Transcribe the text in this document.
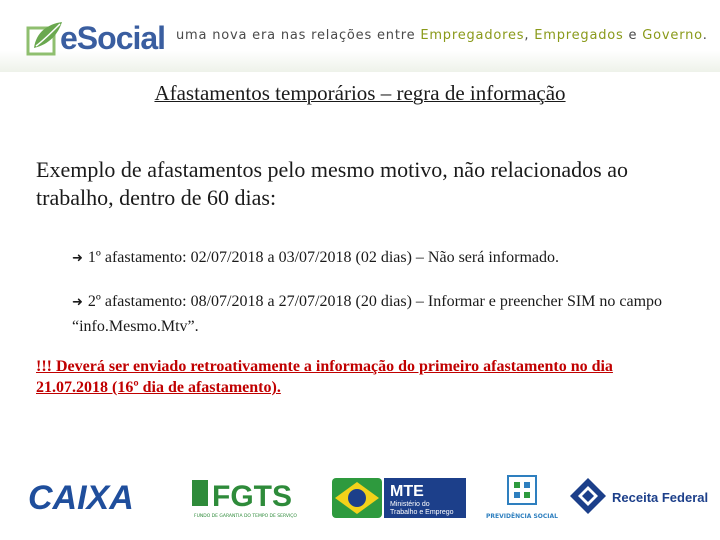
eSocial uma nova era nas relações entre Empregadores, Empregados e Governo.
Afastamentos temporários – regra de informação
Exemplo de afastamentos pelo mesmo motivo, não relacionados ao trabalho, dentro de 60 dias:
➜ 1º afastamento: 02/07/2018 a 03/07/2018 (02 dias) – Não será informado.
➜ 2º afastamento: 08/07/2018 a 27/07/2018 (20 dias) – Informar e preencher SIM no campo “info.Mesmo.Mtv”.
!!! Deverá ser enviado retroativamente a informação do primeiro afastamento no dia 21.07.2018 (16º dia de afastamento).
CAIXA	FGTS
FUNDO DE GARANTIA DO TEMPO DE SERVIÇO
MTE
Ministério do
Trabalho e Emprego
PREVIDÊNCIA SOCIAL
Receita Federal
